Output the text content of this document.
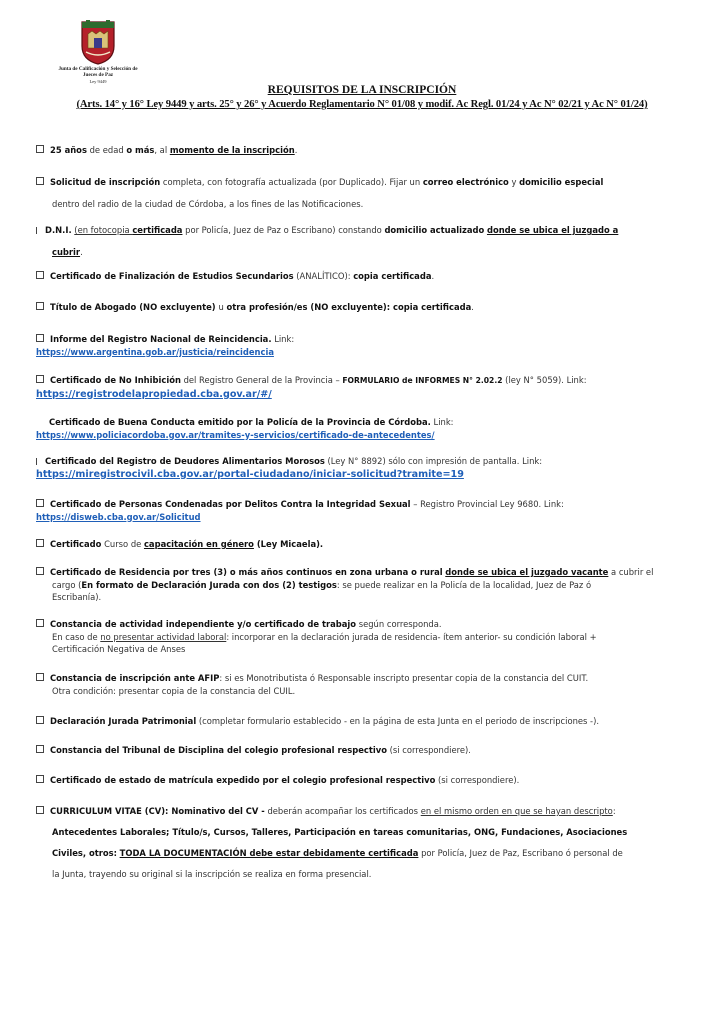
Junta de Calificación y Selección de
Jueces de Paz
Ley 9449
REQUISITOS DE LA INSCRIPCIÓN
(Arts. 14° y 16° Ley 9449 y arts. 25° y 26° y Acuerdo Reglamentario N° 01/08 y modif. Ac Regl. 01/24 y Ac N° 02/21 y Ac N° 01/24)
25 años de edad o más, al momento de la inscripción.
Solicitud de inscripción completa, con fotografía actualizada (por Duplicado). Fijar un correo electrónico y domicilio especial
dentro del radio de la ciudad de Córdoba, a los fines de las Notificaciones.
D.N.I. (en fotocopia certificada por Policía, Juez de Paz o Escribano) constando domicilio actualizado donde se ubica el juzgado a
cubrir.
Certificado de Finalización de Estudios Secundarios (ANALÍTICO): copia certificada.
Título de Abogado (NO excluyente) u otra profesión/es (NO excluyente): copia certificada.
Informe del Registro Nacional de Reincidencia. Link:
https://www.argentina.gob.ar/justicia/reincidencia
Certificado de No Inhibición del Registro General de la Provincia – FORMULARIO de INFORMES N° 2.02.2 (ley N° 5059). Link:
https://registrodelapropiedad.cba.gov.ar/#/
Certificado de Buena Conducta emitido por la Policía de la Provincia de Córdoba. Link:
https://www.policiacordoba.gov.ar/tramites-y-servicios/certificado-de-antecedentes/
Certificado del Registro de Deudores Alimentarios Morosos (Ley N° 8892) sólo con impresión de pantalla. Link:
https://miregistrocivil.cba.gov.ar/portal-ciudadano/iniciar-solicitud?tramite=19
Certificado de Personas Condenadas por Delitos Contra la Integridad Sexual – Registro Provincial Ley 9680. Link:
https://disweb.cba.gov.ar/Solicitud
Certificado Curso de capacitación en género (Ley Micaela).
Certificado de Residencia por tres (3) o más años continuos en zona urbana o rural donde se ubica el juzgado vacante a cubrir el
cargo (En formato de Declaración Jurada con dos (2) testigos: se puede realizar en la Policía de la localidad, Juez de Paz ó
Escribanía).
Constancia de actividad independiente y/o certificado de trabajo según corresponda.
En caso de no presentar actividad laboral: incorporar en la declaración jurada de residencia- ítem anterior- su condición laboral +
Certificación Negativa de Anses
Constancia de inscripción ante AFIP: si es Monotributista ó Responsable inscripto presentar copia de la constancia del CUIT.
Otra condición: presentar copia de la constancia del CUIL.
Declaración Jurada Patrimonial (completar formulario establecido - en la página de esta Junta en el periodo de inscripciones -).
Constancia del Tribunal de Disciplina del colegio profesional respectivo (si correspondiere).
Certificado de estado de matrícula expedido por el colegio profesional respectivo (si correspondiere).
CURRICULUM VITAE (CV): Nominativo del CV - deberán acompañar los certificados en el mismo orden en que se hayan descripto:
Antecedentes Laborales; Título/s, Cursos, Talleres, Participación en tareas comunitarias, ONG, Fundaciones, Asociaciones
Civiles, otros: TODA LA DOCUMENTACIÓN debe estar debidamente certificada por Policía, Juez de Paz, Escribano ó personal de
la Junta, trayendo su original si la inscripción se realiza en forma presencial.
